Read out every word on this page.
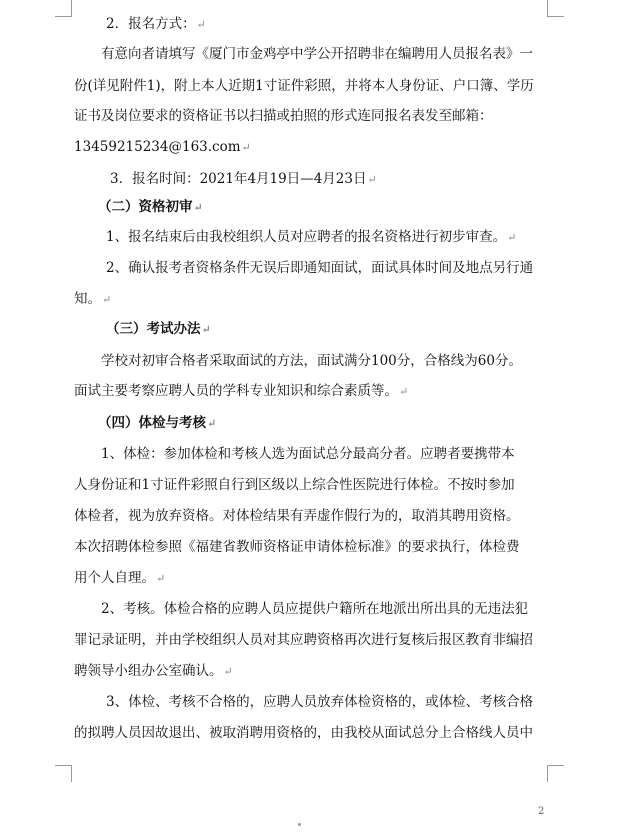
2．报名方式：↵
有意向者请填写《厦门市金鸡亭中学公开招聘非在编聘用人员报名表》一
份(详见附件1)，附上本人近期1寸证件彩照，并将本人身份证、户口簿、学历
证书及岗位要求的资格证书以扫描或拍照的形式连同报名表发至邮箱：
13459215234@163.com↵
3．报名时间：2021年4月19日—4月23日↵
（二）资格初审↵
1、报名结束后由我校组织人员对应聘者的报名资格进行初步审查。↵
2、确认报考者资格条件无误后即通知面试，面试具体时间及地点另行通
知。↵
（三）考试办法↵
学校对初审合格者采取面试的方法，面试满分100分，合格线为60分。
面试主要考察应聘人员的学科专业知识和综合素质等。↵
（四）体检与考核↵
1、体检：参加体检和考核人选为面试总分最高分者。应聘者要携带本
人身份证和1寸证件彩照自行到区级以上综合性医院进行体检。不按时参加
体检者，视为放弃资格。对体检结果有弄虚作假行为的，取消其聘用资格。
本次招聘体检参照《福建省教师资格证申请体检标准》的要求执行，体检费
用个人自理。↵
2、考核。体检合格的应聘人员应提供户籍所在地派出所出具的无违法犯
罪记录证明，并由学校组织人员对其应聘资格再次进行复核后报区教育非编招
聘领导小组办公室确认。↵
3、体检、考核不合格的，应聘人员放弃体检资格的，或体检、考核合格
的拟聘人员因故退出、被取消聘用资格的，由我校从面试总分上合格线人员中
2
